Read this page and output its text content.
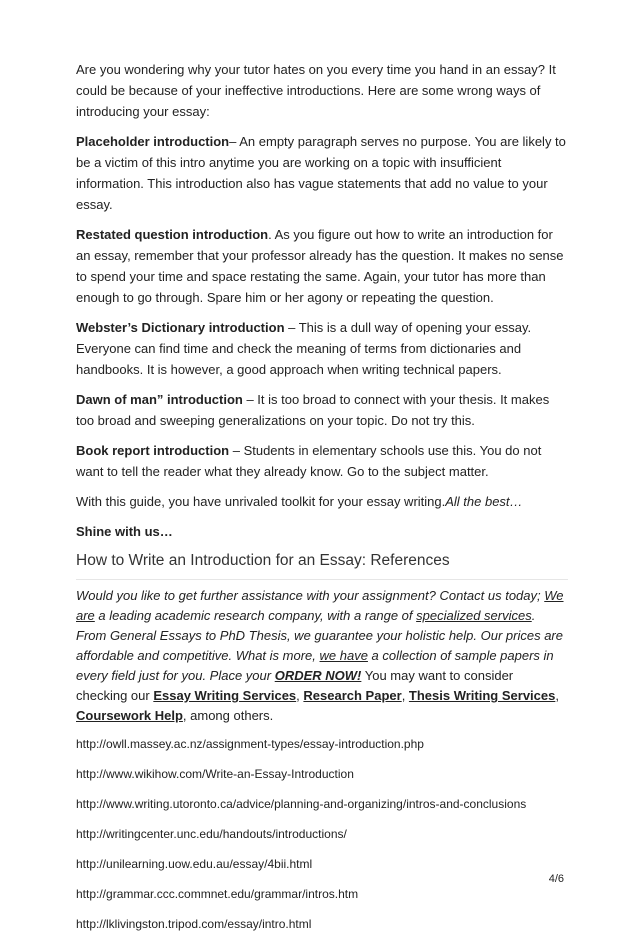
Are you wondering why your tutor hates on you every time you hand in an essay? It could be because of your ineffective introductions. Here are some wrong ways of introducing your essay:

Placeholder introduction– An empty paragraph serves no purpose. You are likely to be a victim of this intro anytime you are working on a topic with insufficient information. This introduction also has vague statements that add no value to your essay.

Restated question introduction. As you figure out how to write an introduction for an essay, remember that your professor already has the question. It makes no sense to spend your time and space restating the same. Again, your tutor has more than enough to go through. Spare him or her agony or repeating the question.

Webster’s Dictionary introduction – This is a dull way of opening your essay. Everyone can find time and check the meaning of terms from dictionaries and handbooks. It is however, a good approach when writing technical papers.

Dawn of man” introduction – It is too broad to connect with your thesis. It makes too broad and sweeping generalizations on your topic. Do not try this.

Book report introduction – Students in elementary schools use this. You do not want to tell the reader what they already know. Go to the subject matter.

With this guide, you have unrivaled toolkit for your essay writing.All the best…

Shine with us…

How to Write an Introduction for an Essay: References

Would you like to get further assistance with your assignment? Contact us today; We are a leading academic research company, with a range of specialized services. From General Essays to PhD Thesis, we guarantee your holistic help. Our prices are affordable and competitive. What is more, we have a collection of sample papers in every field just for you. Place your ORDER NOW! You may want to consider checking our Essay Writing Services, Research Paper, Thesis Writing Services, Coursework Help, among others.

http://owll.massey.ac.nz/assignment-types/essay-introduction.php
http://www.wikihow.com/Write-an-Essay-Introduction
http://www.writing.utoronto.ca/advice/planning-and-organizing/intros-and-conclusions
http://writingcenter.unc.edu/handouts/introductions/
http://unilearning.uow.edu.au/essay/4bii.html
http://grammar.ccc.commnet.edu/grammar/intros.htm
http://lklivingston.tripod.com/essay/intro.html
4/6
